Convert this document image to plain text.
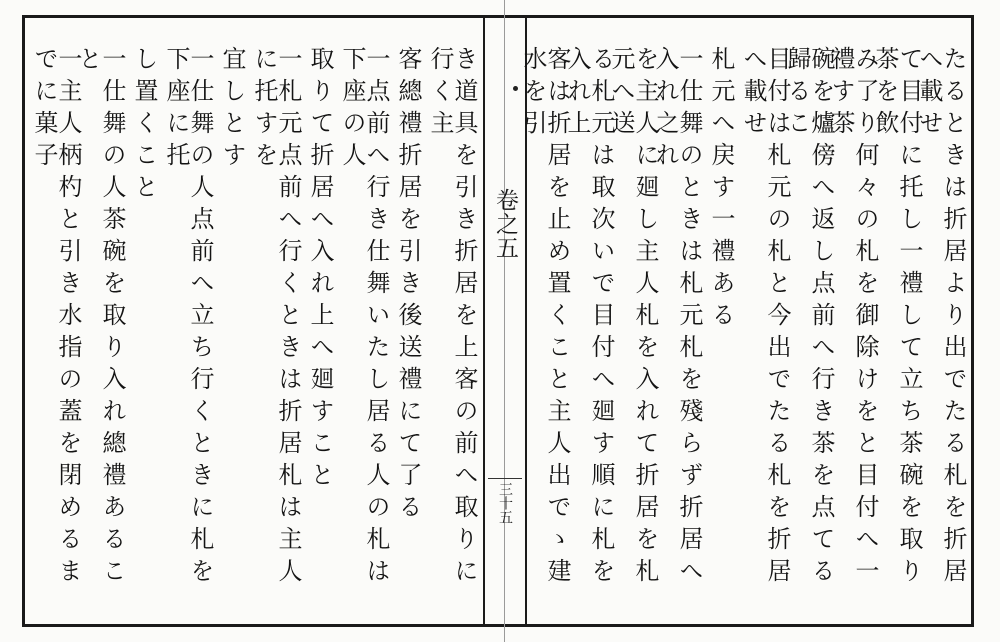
卷之五
三十五	たるときは折居より出でたる札を折居へ載せ
て目付に托し一禮して立ち茶碗を取り茶を飲
み了り何々の札を御除けをと目付へ一禮す茶
碗を爐傍へ返し点前へ行き茶を点てる歸るこ
目付は札元の札と今出でたる札を折居へ載せ
札元へ戻す一禮ある
一仕舞のときは札元札を殘らず折居へ入れ之れ
を主人に廻し主人札を入れて折居を札元へ送
る札元は取次いで目付へ廻す順に札を入れ上
客は折居を止め置くこと主人出でゝ建水を引
き道具を引き折居を上客の前へ取りに行く主
客總禮折居を引き後送禮にて了る
一点前へ行き仕舞いたし居る人の札は下座の人
取りて折居へ入れ上へ廻すこと
一札元点前へ行くときは折居札は主人に托すを
宜しとす
一仕舞の人点前へ立ち行くときに札を下座に托
し置くこと
一仕舞の人茶碗を取り入れ總禮あること
一主人柄杓と引き水指の蓋を閉めるまでに菓子
